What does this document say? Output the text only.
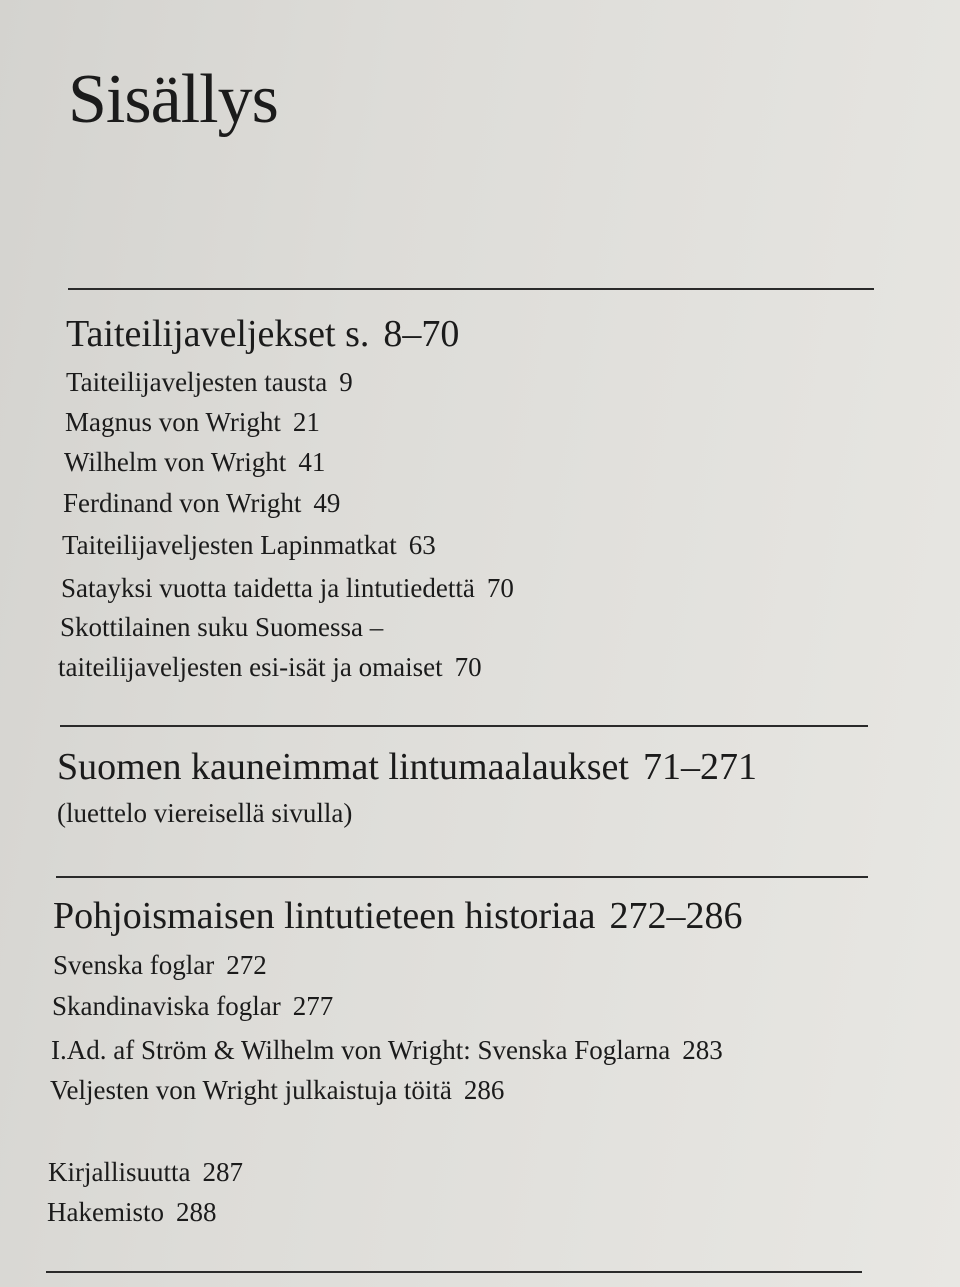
Sisällys
Taiteilijaveljekset s. 8–70
Taiteilijaveljesten tausta 9
Magnus von Wright 21
Wilhelm von Wright 41
Ferdinand von Wright 49
Taiteilijaveljesten Lapinmatkat 63
Satayksi vuotta taidetta ja lintutiedettä 70
Skottilainen suku Suomessa –
taiteilijaveljesten esi-isät ja omaiset 70
Suomen kauneimmat lintumaalaukset 71–271
(luettelo viereisellä sivulla)
Pohjoismaisen lintutieteen historiaa 272–286
Svenska foglar 272
Skandinaviska foglar 277
I.Ad. af Ström & Wilhelm von Wright: Svenska Foglarna 283
Veljesten von Wright julkaistuja töitä 286
Kirjallisuutta 287
Hakemisto 288
